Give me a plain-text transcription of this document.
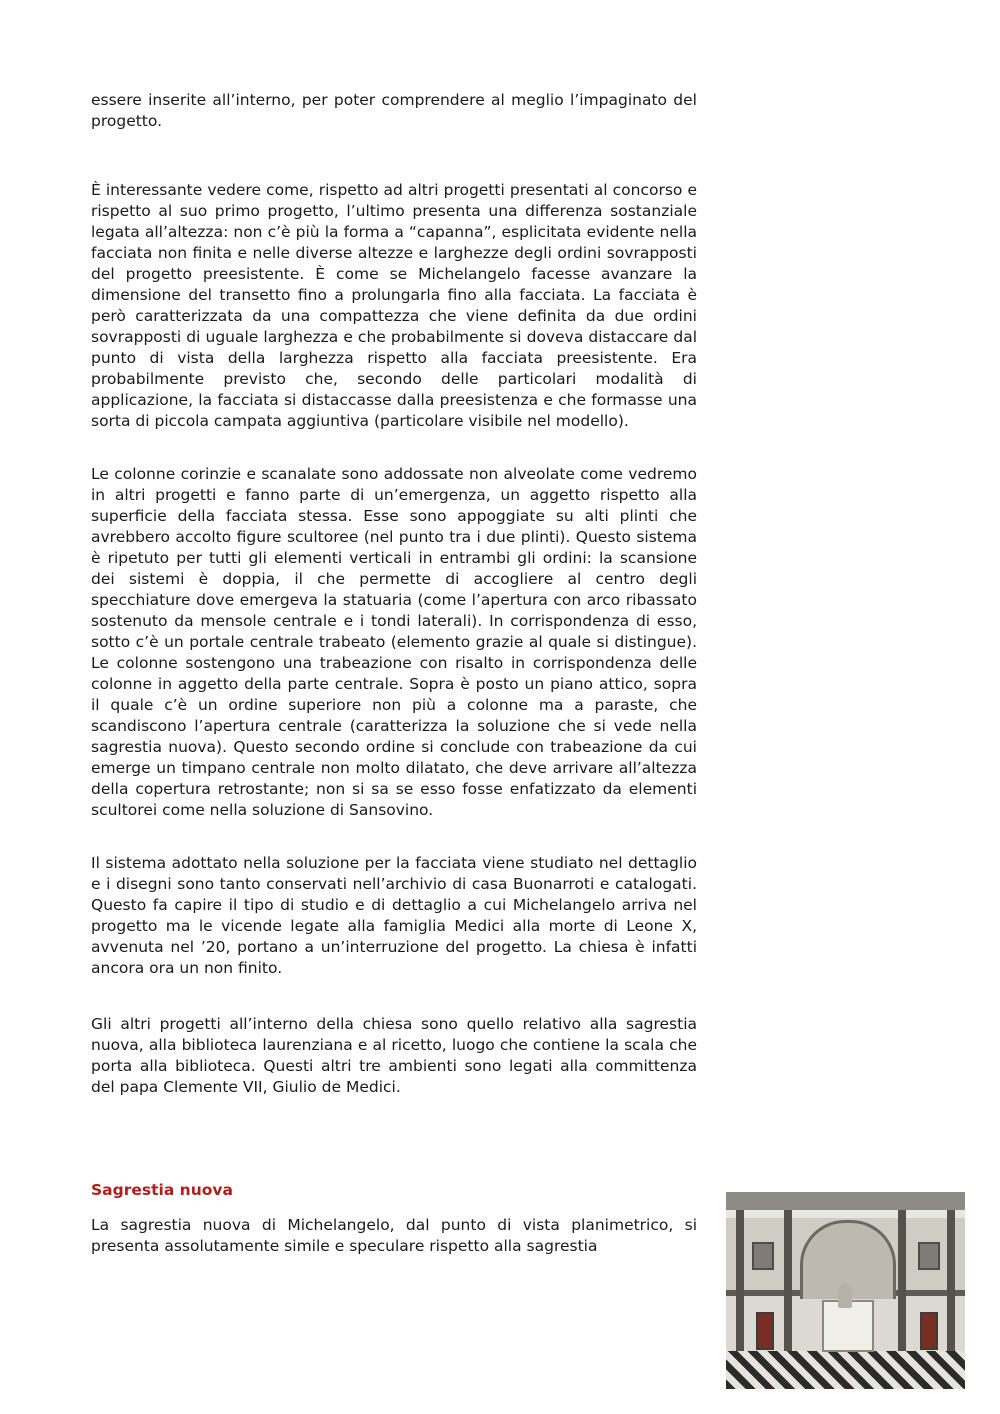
essere inserite all’interno, per poter comprendere al meglio l’impaginato del progetto.

È interessante vedere come, rispetto ad altri progetti presentati al concorso e rispetto al suo primo progetto, l’ultimo presenta una differenza sostanziale legata all’altezza: non c’è più la forma a “capanna”, esplicitata evidente nella facciata non finita e nelle diverse altezze e larghezze degli ordini sovrapposti del progetto preesistente. È come se Michelangelo facesse avanzare la dimensione del transetto fino a prolungarla fino alla facciata. La facciata è però caratterizzata da una compattezza che viene definita da due ordini sovrapposti di uguale larghezza e che probabilmente si doveva distaccare dal punto di vista della larghezza rispetto alla facciata preesistente. Era probabilmente previsto che, secondo delle particolari modalità di applicazione, la facciata si distaccasse dalla preesistenza e che formasse una sorta di piccola campata aggiuntiva (particolare visibile nel modello).

Le colonne corinzie e scanalate sono addossate non alveolate come vedremo in altri progetti e fanno parte di un’emergenza, un aggetto rispetto alla superficie della facciata stessa. Esse sono appoggiate su alti plinti che avrebbero accolto figure scultoree (nel punto tra i due plinti). Questo sistema è ripetuto per tutti gli elementi verticali in entrambi gli ordini: la scansione dei sistemi è doppia, il che permette di accogliere al centro degli specchiature dove emergeva la statuaria (come l’apertura con arco ribassato sostenuto da mensole centrale e i tondi laterali). In corrispondenza di esso, sotto c’è un portale centrale trabeato (elemento grazie al quale si distingue). Le colonne sostengono una trabeazione con risalto in corrispondenza delle colonne in aggetto della parte centrale. Sopra è posto un piano attico, sopra il quale c’è un ordine superiore non più a colonne ma a paraste, che scandiscono l’apertura centrale (caratterizza la soluzione che si vede nella sagrestia nuova). Questo secondo ordine si conclude con trabeazione da cui emerge un timpano centrale non molto dilatato, che deve arrivare all’altezza della copertura retrostante; non si sa se esso fosse enfatizzato da elementi scultorei come nella soluzione di Sansovino.

Il sistema adottato nella soluzione per la facciata viene studiato nel dettaglio e i disegni sono tanto conservati nell’archivio di casa Buonarroti e catalogati. Questo fa capire il tipo di studio e di dettaglio a cui Michelangelo arriva nel progetto ma le vicende legate alla famiglia Medici alla morte di Leone X, avvenuta nel ’20, portano a un’interruzione del progetto. La chiesa è infatti ancora ora un non finito.

Gli altri progetti all’interno della chiesa sono quello relativo alla sagrestia nuova, alla biblioteca laurenziana e al ricetto, luogo che contiene la scala che porta alla biblioteca. Questi altri tre ambienti sono legati alla committenza del papa Clemente VII, Giulio de Medici.

Sagrestia nuova

La sagrestia nuova di Michelangelo, dal punto di vista planimetrico, si presenta assolutamente simile e speculare rispetto alla sagrestia
